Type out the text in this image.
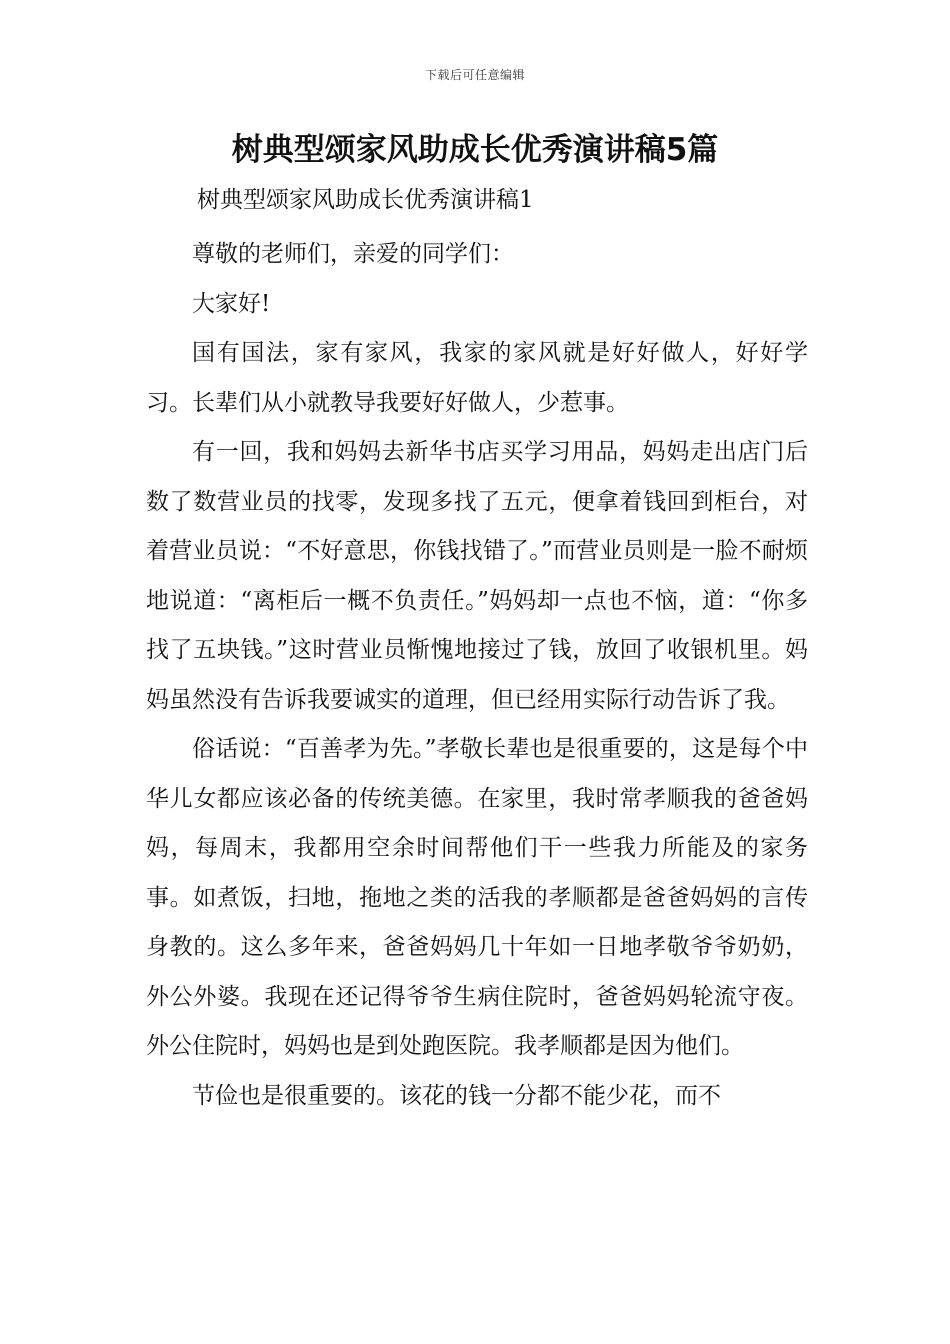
下载后可任意编辑
树典型颂家风助成长优秀演讲稿5篇
树典型颂家风助成长优秀演讲稿1

尊敬的老师们，亲爱的同学们：

大家好!

国有国法，家有家风，我家的家风就是好好做人，好好学习。长辈们从小就教导我要好好做人，少惹事。

有一回，我和妈妈去新华书店买学习用品，妈妈走出店门后数了数营业员的找零，发现多找了五元，便拿着钱回到柜台，对着营业员说：“不好意思，你钱找错了。”而营业员则是一脸不耐烦地说道：“离柜后一概不负责任。”妈妈却一点也不恼，道：“你多找了五块钱。”这时营业员惭愧地接过了钱，放回了收银机里。妈妈虽然没有告诉我要诚实的道理，但已经用实际行动告诉了我。

俗话说：“百善孝为先。”孝敬长辈也是很重要的，这是每个中华儿女都应该必备的传统美德。在家里，我时常孝顺我的爸爸妈妈，每周末，我都用空余时间帮他们干一些我力所能及的家务事。如煮饭，扫地，拖地之类的活我的孝顺都是爸爸妈妈的言传身教的。这么多年来，爸爸妈妈几十年如一日地孝敬爷爷奶奶，外公外婆。我现在还记得爷爷生病住院时，爸爸妈妈轮流守夜。外公住院时，妈妈也是到处跑医院。我孝顺都是因为他们。

节俭也是很重要的。该花的钱一分都不能少花，而不
